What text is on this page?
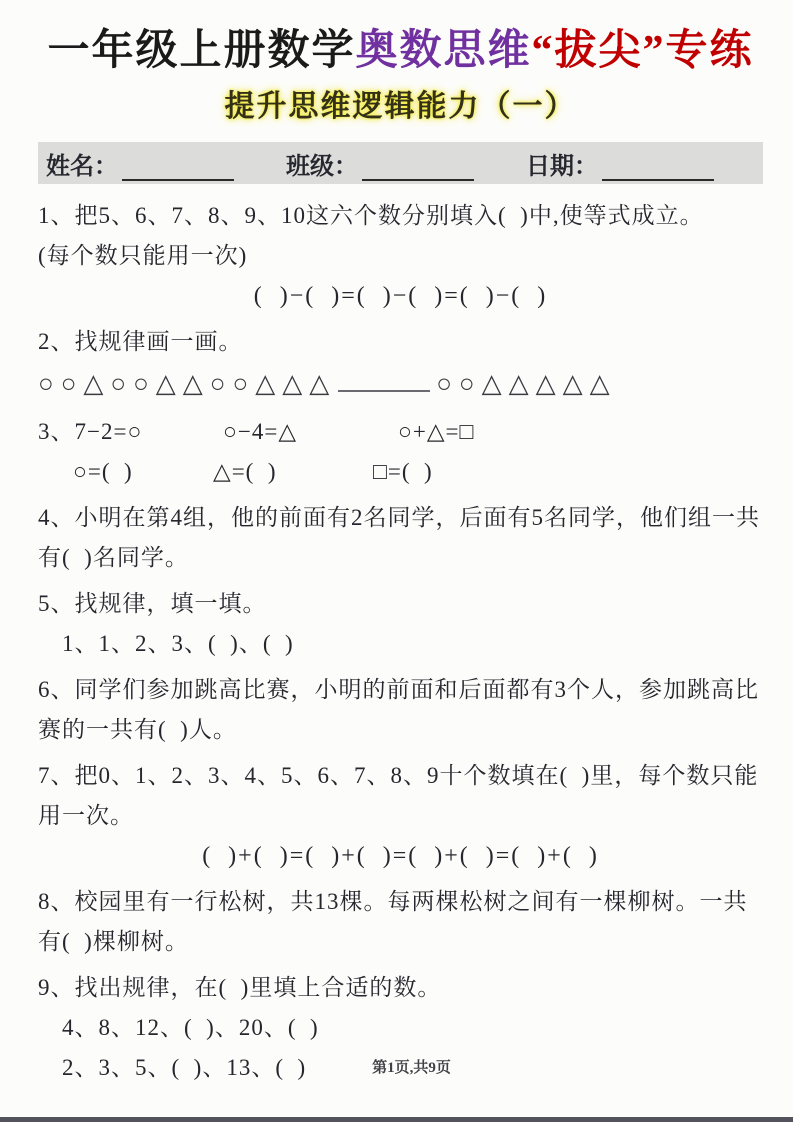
一年级上册数学奥数思维“拔尖”专练
提升思维逻辑能力（一）
姓名：	班级：	日期：
1、把5、6、7、8、9、10这六个数分别填入(  )中,使等式成立。
(每个数只能用一次)
(  )−(  )=(  )−(  )=(  )−(  )
2、找规律画一画。
○○△○○△△○○△△△	○○△△△△△
3、7−2=○	○−4=△	○+△=□
○=(  )	△=(  )	□=(  )
4、小明在第4组，他的前面有2名同学，后面有5名同学，他们组一共有(  )名同学。
5、找规律，填一填。
1、1、2、3、(  )、(  )
6、同学们参加跳高比赛，小明的前面和后面都有3个人，参加跳高比赛的一共有(  )人。
7、把0、1、2、3、4、5、6、7、8、9十个数填在(  )里，每个数只能用一次。
(  )+(  )=(  )+(  )=(  )+(  )=(  )+(  )
8、校园里有一行松树，共13棵。每两棵松树之间有一棵柳树。一共有(  )棵柳树。
9、找出规律，在(  )里填上合适的数。
4、8、12、(  )、20、(  )
2、3、5、(  )、13、(  )	第1页,共9页
